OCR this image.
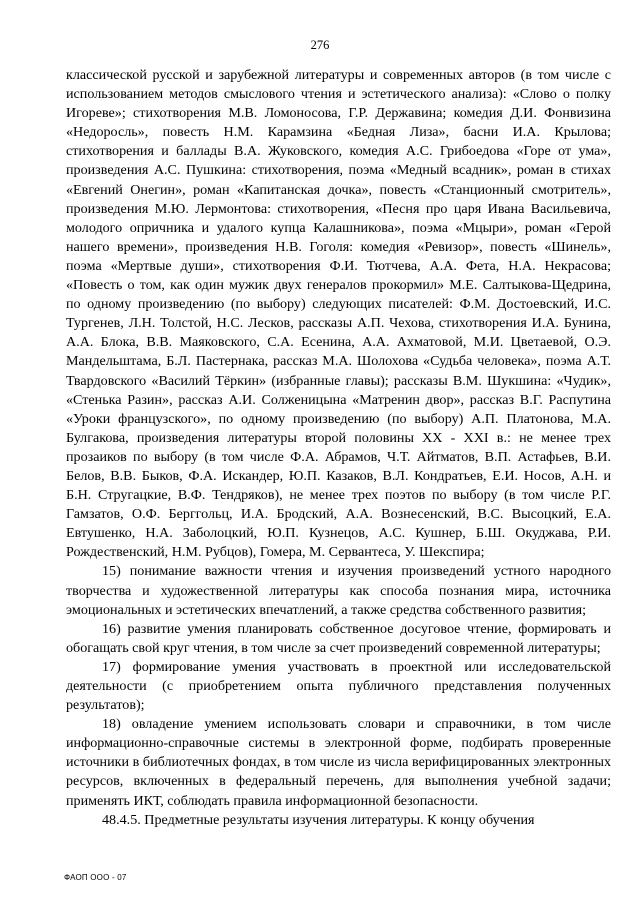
276

классической русской и зарубежной литературы и современных авторов (в том числе с использованием методов смыслового чтения и эстетического анализа): «Слово о полку Игореве»; стихотворения М.В. Ломоносова, Г.Р. Державина; комедия Д.И. Фонвизина «Недоросль», повесть Н.М. Карамзина «Бедная Лиза», басни И.А. Крылова; стихотворения и баллады В.А. Жуковского, комедия А.С. Грибоедова «Горе от ума», произведения А.С. Пушкина: стихотворения, поэма «Медный всадник», роман в стихах «Евгений Онегин», роман «Капитанская дочка», повесть «Станционный смотритель», произведения М.Ю. Лермонтова: стихотворения, «Песня про царя Ивана Васильевича, молодого опричника и удалого купца Калашникова», поэма «Мцыри», роман «Герой нашего времени», произведения Н.В. Гоголя: комедия «Ревизор», повесть «Шинель», поэма «Мертвые души», стихотворения Ф.И. Тютчева, А.А. Фета, Н.А. Некрасова; «Повесть о том, как один мужик двух генералов прокормил» М.Е. Салтыкова-Щедрина, по одному произведению (по выбору) следующих писателей: Ф.М. Достоевский, И.С. Тургенев, Л.Н. Толстой, Н.С. Лесков, рассказы А.П. Чехова, стихотворения И.А. Бунина, А.А. Блока, В.В. Маяковского, С.А. Есенина, А.А. Ахматовой, М.И. Цветаевой, О.Э. Мандельштама, Б.Л. Пастернака, рассказ М.А. Шолохова «Судьба человека», поэма А.Т. Твардовского «Василий Тёркин» (избранные главы); рассказы В.М. Шукшина: «Чудик», «Стенька Разин», рассказ А.И. Солженицына «Матренин двор», рассказ В.Г. Распутина «Уроки французского», по одному произведению (по выбору) А.П. Платонова, М.А. Булгакова, произведения литературы второй половины XX - XXI в.: не менее трех прозаиков по выбору (в том числе Ф.А. Абрамов, Ч.Т. Айтматов, В.П. Астафьев, В.И. Белов, В.В. Быков, Ф.А. Искандер, Ю.П. Казаков, В.Л. Кондратьев, Е.И. Носов, А.Н. и Б.Н. Стругацкие, В.Ф. Тендряков), не менее трех поэтов по выбору (в том числе Р.Г. Гамзатов, О.Ф. Берггольц, И.А. Бродский, А.А. Вознесенский, В.С. Высоцкий, Е.А. Евтушенко, Н.А. Заболоцкий, Ю.П. Кузнецов, А.С. Кушнер, Б.Ш. Окуджава, Р.И. Рождественский, Н.М. Рубцов), Гомера, М. Сервантеса, У. Шекспира;

15) понимание важности чтения и изучения произведений устного народного творчества и художественной литературы как способа познания мира, источника эмоциональных и эстетических впечатлений, а также средства собственного развития;

16) развитие умения планировать собственное досуговое чтение, формировать и обогащать свой круг чтения, в том числе за счет произведений современной литературы;

17) формирование умения участвовать в проектной или исследовательской деятельности (с приобретением опыта публичного представления полученных результатов);

18) овладение умением использовать словари и справочники, в том числе информационно-справочные системы в электронной форме, подбирать проверенные источники в библиотечных фондах, в том числе из числа верифицированных электронных ресурсов, включенных в федеральный перечень, для выполнения учебной задачи; применять ИКТ, соблюдать правила информационной безопасности.

48.4.5. Предметные результаты изучения литературы. К концу обучения

ФАОП ООО - 07
